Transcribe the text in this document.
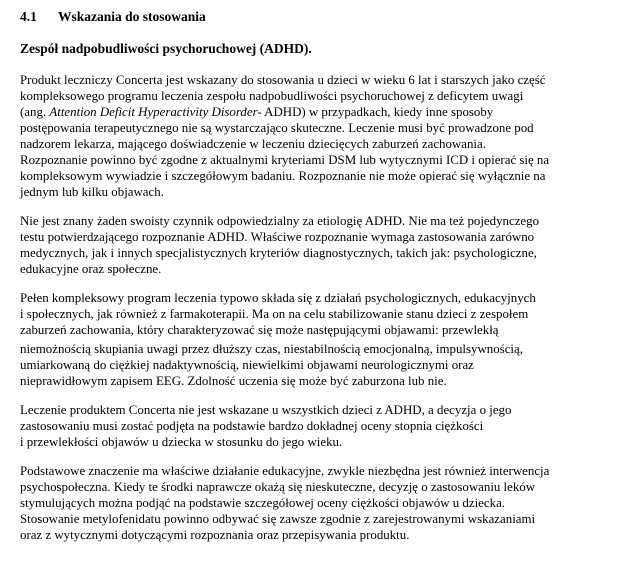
4.1	Wskazania do stosowania
Zespół nadpobudliwości psychoruchowej (ADHD).

Produkt leczniczy Concerta jest wskazany do stosowania u dzieci w wieku 6 lat i starszych jako część
kompleksowego programu leczenia zespołu nadpobudliwości psychoruchowej z deficytem uwagi
(ang. Attention Deficit Hyperactivity Disorder- ADHD) w przypadkach, kiedy inne sposoby
postępowania terapeutycznego nie są wystarczająco skuteczne. Leczenie musi być prowadzone pod
nadzorem lekarza, mającego doświadczenie w leczeniu dziecięcych zaburzeń zachowania.
Rozpoznanie powinno być zgodne z aktualnymi kryteriami DSM lub wytycznymi ICD i opierać się na
kompleksowym wywiadzie i szczegółowym badaniu. Rozpoznanie nie może opierać się wyłącznie na
jednym lub kilku objawach.

Nie jest znany żaden swoisty czynnik odpowiedzialny za etiologię ADHD. Nie ma też pojedynczego
testu potwierdzającego rozpoznanie ADHD. Właściwe rozpoznanie wymaga zastosowania zarówno
medycznych, jak i innych specjalistycznych kryteriów diagnostycznych, takich jak: psychologiczne,
edukacyjne oraz społeczne.

Pełen kompleksowy program leczenia typowo składa się z działań psychologicznych, edukacyjnych
i społecznych, jak również z farmakoterapii. Ma on na celu stabilizowanie stanu dzieci z zespołem
zaburzeń zachowania, który charakteryzować się może następującymi objawami: przewlekłą
niemożnością skupiania uwagi przez dłuższy czas, niestabilnością emocjonalną, impulsywnością,
umiarkowaną do ciężkiej nadaktywnością, niewielkimi objawami neurologicznymi oraz
nieprawidłowym zapisem EEG. Zdolność uczenia się może być zaburzona lub nie.

Leczenie produktem Concerta nie jest wskazane u wszystkich dzieci z ADHD, a decyzja o jego
zastosowaniu musi zostać podjęta na podstawie bardzo dokładnej oceny stopnia ciężkości
i przewlekłości objawów u dziecka w stosunku do jego wieku.

Podstawowe znaczenie ma właściwe działanie edukacyjne, zwykle niezbędna jest również interwencja
psychospołeczna. Kiedy te środki naprawcze okażą się nieskuteczne, decyzję o zastosowaniu leków
stymulujących można podjąć na podstawie szczegółowej oceny ciężkości objawów u dziecka.
Stosowanie metylofenidatu powinno odbywać się zawsze zgodnie z zarejestrowanymi wskazaniami
oraz z wytycznymi dotyczącymi rozpoznania oraz przepisywania produktu.
